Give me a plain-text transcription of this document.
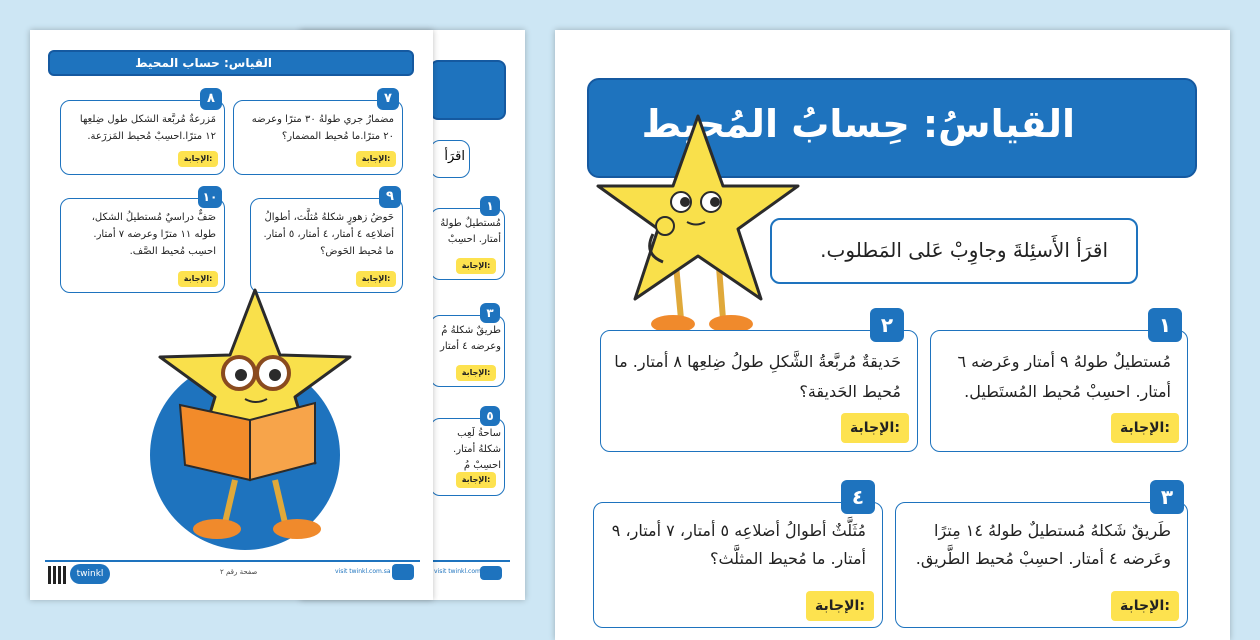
القياسُ: حِسابُ المُحيط
اقرَأ الأَسئِلةَ وجاوِبْ عَلى المَطلوب.
مُستطيلٌ طولهُ ٩ أمتار وعَرضه ٦ أمتار. احسِبْ مُحيط المُستَطيل.
الإجابة:
١
حَديقةٌ مُربَّعةُ الشَّكلِ طولُ ضِلعِها ٨ أمتار. ما مُحيط الحَديقة؟
الإجابة:
٢
طَريقٌ شَكلهُ مُستطيلٌ طولهُ ١٤ مِترًا وعَرضه ٤ أمتار. احسِبْ مُحيط الطَّريق.
الإجابة:
٣
مُثَلَّثٌ أطوالُ أضلاعِه ٥ أمتار، ٧ أمتار، ٩ أمتار. ما مُحيط المثلَّث؟
الإجابة:
٤
اقرَأ
مُستطيلٌ طولهُ أمتار. احسِبْ
الإجابة:
١
طريقٌ شكلهُ مُ وعرضه ٤ أمتار
الإجابة:
٣
ساحةُ لَعِب شكلهُ أمتار. احسِبْ مُ
الإجابة:
٥
visit twinkl.com.sa
القياس: حساب المحيط
مضمارُ جري طولهُ ٣٠ مترًا وعرضه ٢٠ مترًا.ما مُحيط المضمار؟
الإجابة:
٧
مَزرعةٌ مُربَّعة الشكل طول ضِلعِها ١٢ مترًا.احسِبْ مُحيط المَزرَعة.
الإجابة:
٨
حَوضُ زهورٍ شكلهُ مُثلَّث، أطوالُ أضلاعِه ٤ أمتار، ٤ أمتار، ٥ أمتار. ما مُحيط الحَوض؟
الإجابة:
٩
صَفٌّ دراسيٌ مُستطيلُ الشكل، طوله ١١ مترًا وعرضه ٧ أمتار. احسِب مُحيط الصَّف.
الإجابة:
١٠
twinkl	صفحة رقم ٢	visit twinkl.com.sa
